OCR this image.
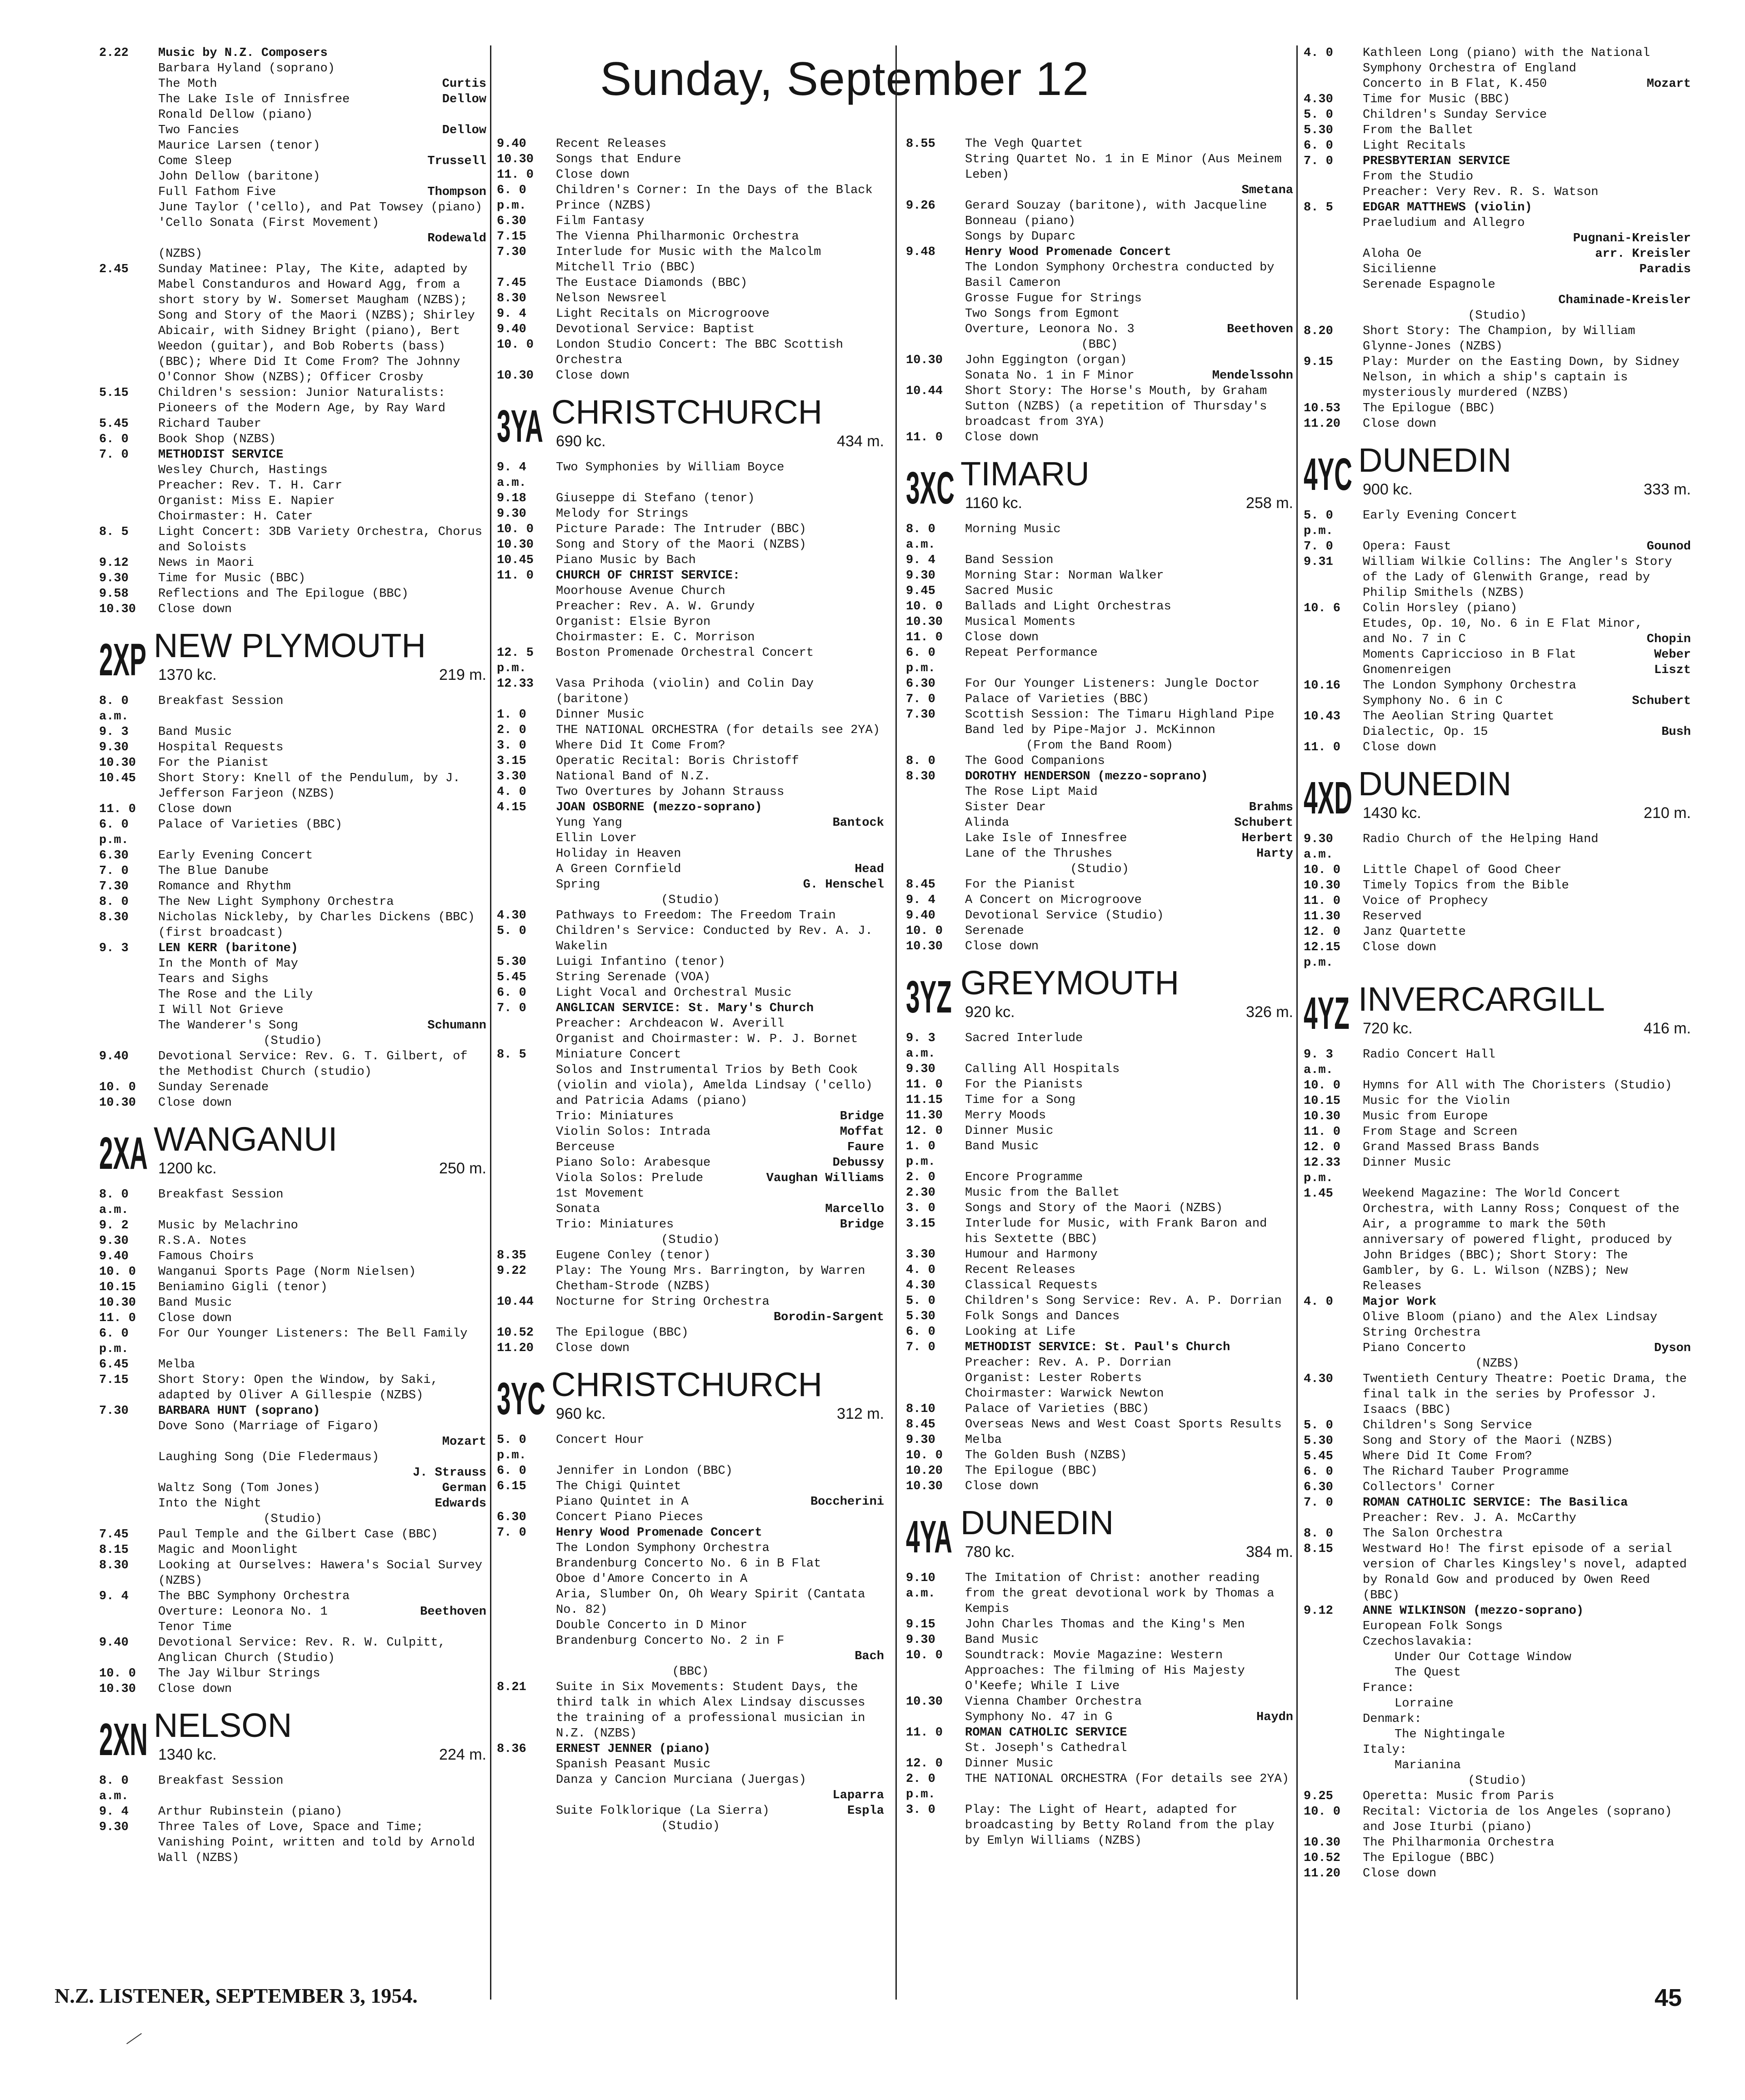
Sunday, September 12
2.22	Music by N.Z. Composers
Barbara Hyland (soprano)
The Moth	Curtis
The Lake Isle of Innisfree	Dellow
Ronald Dellow (piano)
Two Fancies	Dellow
Maurice Larsen (tenor)
Come Sleep	Trussell
John Dellow (baritone)
Full Fathom Five	Thompson
June Taylor ('cello), and Pat Towsey (piano)
'Cello Sonata (First Movement)
Rodewald
(NZBS)
2.45	Sunday Matinee: Play, The Kite, adapted by Mabel Constanduros and Howard Agg, from a short story by W. Somerset Maugham (NZBS); Song and Story of the Maori (NZBS); Shirley Abicair, with Sidney Bright (piano), Bert Weedon (guitar), and Bob Roberts (bass) (BBC); Where Did It Come From? The Johnny O'Connor Show (NZBS); Officer Crosby
5.15	Children's session: Junior Naturalists: Pioneers of the Modern Age, by Ray Ward
5.45	Richard Tauber
6. 0	Book Shop (NZBS)
7. 0	METHODIST SERVICE
Wesley Church, Hastings
Preacher: Rev. T. H. Carr
Organist: Miss E. Napier
Choirmaster: H. Cater
8. 5	Light Concert: 3DB Variety Orchestra, Chorus and Soloists
9.12	News in Maori
9.30	Time for Music (BBC)
9.58	Reflections and The Epilogue (BBC)
10.30	Close down
2XP NEW PLYMOUTH
1370 kc.	219 m.
8. 0 a.m.
Breakfast Session
9. 3	Band Music
9.30	Hospital Requests
10.30	For the Pianist
10.45	Short Story: Knell of the Pendulum, by J. Jefferson Farjeon (NZBS)
11. 0	Close down
6. 0 p.m.
Palace of Varieties (BBC)
6.30	Early Evening Concert
7. 0	The Blue Danube
7.30	Romance and Rhythm
8. 0	The New Light Symphony Orchestra
8.30	Nicholas Nickleby, by Charles Dickens (BBC) (first broadcast)
9. 3	LEN KERR (baritone)
In the Month of May
Tears and Sighs
The Rose and the Lily
I Will Not Grieve
The Wanderer's Song	Schumann
(Studio)
9.40	Devotional Service: Rev. G. T. Gilbert, of the Methodist Church (studio)
10. 0	Sunday Serenade
10.30	Close down
2XA WANGANUI
1200 kc.	250 m.
8. 0 a.m.
Breakfast Session
9. 2	Music by Melachrino
9.30	R.S.A. Notes
9.40	Famous Choirs
10. 0	Wanganui Sports Page (Norm Nielsen)
10.15	Beniamino Gigli (tenor)
10.30	Band Music
11. 0	Close down
6. 0 p.m.
For Our Younger Listeners: The Bell Family
6.45	Melba
7.15	Short Story: Open the Window, by Saki, adapted by Oliver A Gillespie (NZBS)
7.30	BARBARA HUNT (soprano)
Dove Sono (Marriage of Figaro)
Mozart
Laughing Song (Die Fledermaus)
J. Strauss
Waltz Song (Tom Jones)	German
Into the Night	Edwards
(Studio)
7.45	Paul Temple and the Gilbert Case (BBC)
8.15	Magic and Moonlight
8.30	Looking at Ourselves: Hawera's Social Survey (NZBS)
9. 4	The BBC Symphony Orchestra
Overture: Leonora No. 1	Beethoven
Tenor Time
9.40	Devotional Service: Rev. R. W. Culpitt, Anglican Church (Studio)
10. 0	The Jay Wilbur Strings
10.30	Close down
2XN NELSON
1340 kc.	224 m.
8. 0 a.m.
Breakfast Session
9. 4	Arthur Rubinstein (piano)
9.30	Three Tales of Love, Space and Time; Vanishing Point, written and told by Arnold Wall (NZBS)
9.40	Recent Releases
10.30	Songs that Endure
11. 0	Close down
6. 0 p.m.
Children's Corner: In the Days of the Black Prince (NZBS)
6.30	Film Fantasy
7.15	The Vienna Philharmonic Orchestra
7.30	Interlude for Music with the Malcolm Mitchell Trio (BBC)
7.45	The Eustace Diamonds (BBC)
8.30	Nelson Newsreel
9. 4	Light Recitals on Microgroove
9.40	Devotional Service: Baptist
10. 0	London Studio Concert: The BBC Scottish Orchestra
10.30	Close down
3YA CHRISTCHURCH
690 kc.	434 m.
9. 4 a.m.
Two Symphonies by William Boyce
9.18	Giuseppe di Stefano (tenor)
9.30	Melody for Strings
10. 0	Picture Parade: The Intruder (BBC)
10.30	Song and Story of the Maori (NZBS)
10.45	Piano Music by Bach
11. 0	CHURCH OF CHRIST SERVICE:
Moorhouse Avenue Church
Preacher: Rev. A. W. Grundy
Organist: Elsie Byron
Choirmaster: E. C. Morrison
12. 5 p.m.
Boston Promenade Orchestral Concert
12.33	Vasa Prihoda (violin) and Colin Day (baritone)
1. 0	Dinner Music
2. 0	THE NATIONAL ORCHESTRA (for details see 2YA)
3. 0	Where Did It Come From?
3.15	Operatic Recital: Boris Christoff
3.30	National Band of N.Z.
4. 0	Two Overtures by Johann Strauss
4.15	JOAN OSBORNE (mezzo-soprano)
Yung Yang	Bantock
Ellin Lover
Holiday in Heaven
A Green Cornfield	Head
Spring	G. Henschel
(Studio)
4.30	Pathways to Freedom: The Freedom Train
5. 0	Children's Service: Conducted by Rev. A. J. Wakelin
5.30	Luigi Infantino (tenor)
5.45	String Serenade (VOA)
6. 0	Light Vocal and Orchestral Music
7. 0	ANGLICAN SERVICE: St. Mary's Church
Preacher: Archdeacon W. Averill
Organist and Choirmaster: W. P. J. Bornet
8. 5	Miniature Concert
Solos and Instrumental Trios by Beth Cook (violin and viola), Amelda Lindsay ('cello) and Patricia Adams (piano)
Trio: Miniatures	Bridge
Violin Solos: Intrada	Moffat
Berceuse	Faure
Piano Solo: Arabesque	Debussy
Viola Solos: Prelude	Vaughan Williams
1st Movement
Sonata	Marcello
Trio: Miniatures	Bridge
(Studio)
8.35	Eugene Conley (tenor)
9.22	Play: The Young Mrs. Barrington, by Warren Chetham-Strode (NZBS)
10.44	Nocturne for String Orchestra
Borodin-Sargent
10.52	The Epilogue (BBC)
11.20	Close down
3YC CHRISTCHURCH
960 kc.	312 m.
5. 0 p.m.
Concert Hour
6. 0	Jennifer in London (BBC)
6.15	The Chigi Quintet
Piano Quintet in A	Boccherini
6.30	Concert Piano Pieces
7. 0	Henry Wood Promenade Concert
The London Symphony Orchestra
Brandenburg Concerto No. 6 in B Flat
Oboe d'Amore Concerto in A
Aria, Slumber On, Oh Weary Spirit (Cantata No. 82)
Double Concerto in D Minor
Brandenburg Concerto No. 2 in F
Bach
(BBC)
8.21	Suite in Six Movements: Student Days, the third talk in which Alex Lindsay discusses the training of a professional musician in N.Z. (NZBS)
8.36	ERNEST JENNER (piano)
Spanish Peasant Music
Danza y Cancion Murciana (Juergas)
Laparra
Suite Folklorique (La Sierra)	Espla
(Studio)
8.55	The Vegh Quartet
String Quartet No. 1 in E Minor (Aus Meinem Leben)
Smetana
9.26	Gerard Souzay (baritone), with Jacqueline Bonneau (piano)
Songs by Duparc
9.48	Henry Wood Promenade Concert
The London Symphony Orchestra conducted by Basil Cameron
Grosse Fugue for Strings
Two Songs from Egmont
Overture, Leonora No. 3	Beethoven
(BBC)
10.30	John Eggington (organ)
Sonata No. 1 in F Minor	Mendelssohn
10.44	Short Story: The Horse's Mouth, by Graham Sutton (NZBS) (a repetition of Thursday's broadcast from 3YA)
11. 0	Close down
3XC TIMARU
1160 kc.	258 m.
8. 0 a.m.
Morning Music
9. 4	Band Session
9.30	Morning Star: Norman Walker
9.45	Sacred Music
10. 0	Ballads and Light Orchestras
10.30	Musical Moments
11. 0	Close down
6. 0 p.m.
Repeat Performance
6.30	For Our Younger Listeners: Jungle Doctor
7. 0	Palace of Varieties (BBC)
7.30	Scottish Session: The Timaru Highland Pipe Band led by Pipe-Major J. McKinnon
(From the Band Room)
8. 0	The Good Companions
8.30	DOROTHY HENDERSON (mezzo-soprano)
The Rose Lipt Maid
Sister Dear	Brahms
Alinda	Schubert
Lake Isle of Innesfree	Herbert
Lane of the Thrushes	Harty
(Studio)
8.45	For the Pianist
9. 4	A Concert on Microgroove
9.40	Devotional Service (Studio)
10. 0	Serenade
10.30	Close down
3YZ GREYMOUTH
920 kc.	326 m.
9. 3 a.m.
Sacred Interlude
9.30	Calling All Hospitals
11. 0	For the Pianists
11.15	Time for a Song
11.30	Merry Moods
12. 0	Dinner Music
1. 0 p.m.
Band Music
2. 0	Encore Programme
2.30	Music from the Ballet
3. 0	Songs and Story of the Maori (NZBS)
3.15	Interlude for Music, with Frank Baron and his Sextette (BBC)
3.30	Humour and Harmony
4. 0	Recent Releases
4.30	Classical Requests
5. 0	Children's Song Service: Rev. A. P. Dorrian
5.30	Folk Songs and Dances
6. 0	Looking at Life
7. 0	METHODIST SERVICE: St. Paul's Church
Preacher: Rev. A. P. Dorrian
Organist: Lester Roberts
Choirmaster: Warwick Newton
8.10	Palace of Varieties (BBC)
8.45	Overseas News and West Coast Sports Results
9.30	Melba
10. 0	The Golden Bush (NZBS)
10.20	The Epilogue (BBC)
10.30	Close down
4YA DUNEDIN
780 kc.	384 m.
9.10 a.m.
The Imitation of Christ: another reading from the great devotional work by Thomas a Kempis
9.15	John Charles Thomas and the King's Men
9.30	Band Music
10. 0	Soundtrack: Movie Magazine: Western Approaches: The filming of His Majesty O'Keefe; While I Live
10.30	Vienna Chamber Orchestra
Symphony No. 47 in G	Haydn
11. 0	ROMAN CATHOLIC SERVICE
St. Joseph's Cathedral
12. 0	Dinner Music
2. 0 p.m.
THE NATIONAL ORCHESTRA (For details see 2YA)
3. 0	Play: The Light of Heart, adapted for broadcasting by Betty Roland from the play by Emlyn Williams (NZBS)
4. 0	Kathleen Long (piano) with the National Symphony Orchestra of England
Concerto in B Flat, K.450	Mozart
4.30	Time for Music (BBC)
5. 0	Children's Sunday Service
5.30	From the Ballet
6. 0	Light Recitals
7. 0	PRESBYTERIAN SERVICE
From the Studio
Preacher: Very Rev. R. S. Watson
8. 5	EDGAR MATTHEWS (violin)
Praeludium and Allegro
Pugnani-Kreisler
Aloha Oe	arr. Kreisler
Sicilienne	Paradis
Serenade Espagnole
Chaminade-Kreisler
(Studio)
8.20	Short Story: The Champion, by William Glynne-Jones (NZBS)
9.15	Play: Murder on the Easting Down, by Sidney Nelson, in which a ship's captain is mysteriously murdered (NZBS)
10.53	The Epilogue (BBC)
11.20	Close down
4YC DUNEDIN
900 kc.	333 m.
5. 0 p.m.
Early Evening Concert
7. 0	Opera: Faust	Gounod
9.31	William Wilkie Collins: The Angler's Story of the Lady of Glenwith Grange, read by Philip Smithels (NZBS)
10. 6	Colin Horsley (piano)
Etudes, Op. 10, No. 6 in E Flat Minor,
and No. 7 in C	Chopin
Moments Capriccioso in B Flat	Weber
Gnomenreigen	Liszt
10.16	The London Symphony Orchestra
Symphony No. 6 in C	Schubert
10.43	The Aeolian String Quartet
Dialectic, Op. 15	Bush
11. 0	Close down
4XD DUNEDIN
1430 kc.	210 m.
9.30 a.m.
Radio Church of the Helping Hand
10. 0	Little Chapel of Good Cheer
10.30	Timely Topics from the Bible
11. 0	Voice of Prophecy
11.30	Reserved
12. 0	Janz Quartette
12.15 p.m.
Close down
4YZ INVERCARGILL
720 kc.	416 m.
9. 3 a.m.
Radio Concert Hall
10. 0	Hymns for All with The Choristers (Studio)
10.15	Music for the Violin
10.30	Music from Europe
11. 0	From Stage and Screen
12. 0	Grand Massed Brass Bands
12.33 p.m.
Dinner Music
1.45	Weekend Magazine: The World Concert Orchestra, with Lanny Ross; Conquest of the Air, a programme to mark the 50th anniversary of powered flight, produced by John Bridges (BBC); Short Story: The Gambler, by G. L. Wilson (NZBS); New Releases
4. 0	Major Work
Olive Bloom (piano) and the Alex Lindsay String Orchestra
Piano Concerto	Dyson
(NZBS)
4.30	Twentieth Century Theatre: Poetic Drama, the final talk in the series by Professor J. Isaacs (BBC)
5. 0	Children's Song Service
5.30	Song and Story of the Maori (NZBS)
5.45	Where Did It Come From?
6. 0	The Richard Tauber Programme
6.30	Collectors' Corner
7. 0	ROMAN CATHOLIC SERVICE: The Basilica
Preacher: Rev. J. A. McCarthy
8. 0	The Salon Orchestra
8.15	Westward Ho! The first episode of a serial version of Charles Kingsley's novel, adapted by Ronald Gow and produced by Owen Reed (BBC)
9.12	ANNE WILKINSON (mezzo-soprano)
European Folk Songs
Czechoslavakia:
Under Our Cottage Window
The Quest
France:
Lorraine
Denmark:
The Nightingale
Italy:
Marianina
(Studio)
9.25	Operetta: Music from Paris
10. 0	Recital: Victoria de los Angeles (soprano) and Jose Iturbi (piano)
10.30	The Philharmonia Orchestra
10.52	The Epilogue (BBC)
11.20	Close down
N.Z. LISTENER, SEPTEMBER 3, 1954.	45
